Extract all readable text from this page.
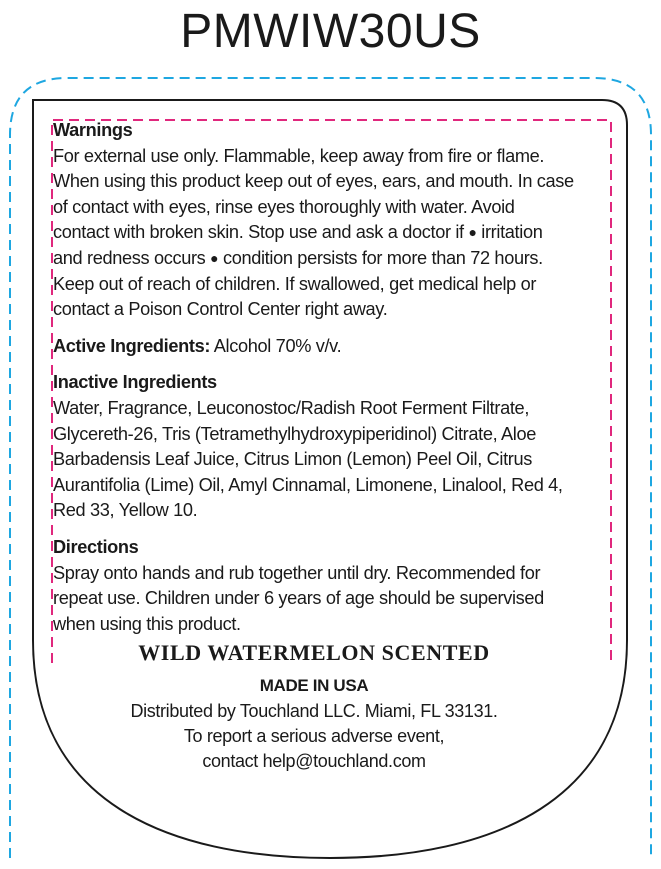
PMWIW30US
Warnings

For external use only. Flammable, keep away from fire or flame. When using this product keep out of eyes, ears, and mouth. In case of contact with eyes, rinse eyes thoroughly with water. Avoid contact with broken skin. Stop use and ask a doctor if ● irritation and redness occurs ● condition persists for more than 72 hours. Keep out of reach of children. If swallowed, get medical help or contact a Poison Control Center right away.

Active Ingredients: Alcohol 70% v/v.

Inactive Ingredients

Water, Fragrance, Leuconostoc/Radish Root Ferment Filtrate, Glycereth-26, Tris (Tetramethylhydroxypiperidinol) Citrate, Aloe Barbadensis Leaf Juice, Citrus Limon (Lemon) Peel Oil, Citrus Aurantifolia (Lime) Oil, Amyl Cinnamal, Limonene, Linalool, Red 4, Red 33, Yellow 10.

Directions

Spray onto hands and rub together until dry. Recommended for repeat use. Children under 6 years of age should be supervised when using this product.

WILD WATERMELON SCENTED
MADE IN USA
Distributed by Touchland LLC. Miami, FL 33131.
To report a serious adverse event,
contact help@touchland.com
